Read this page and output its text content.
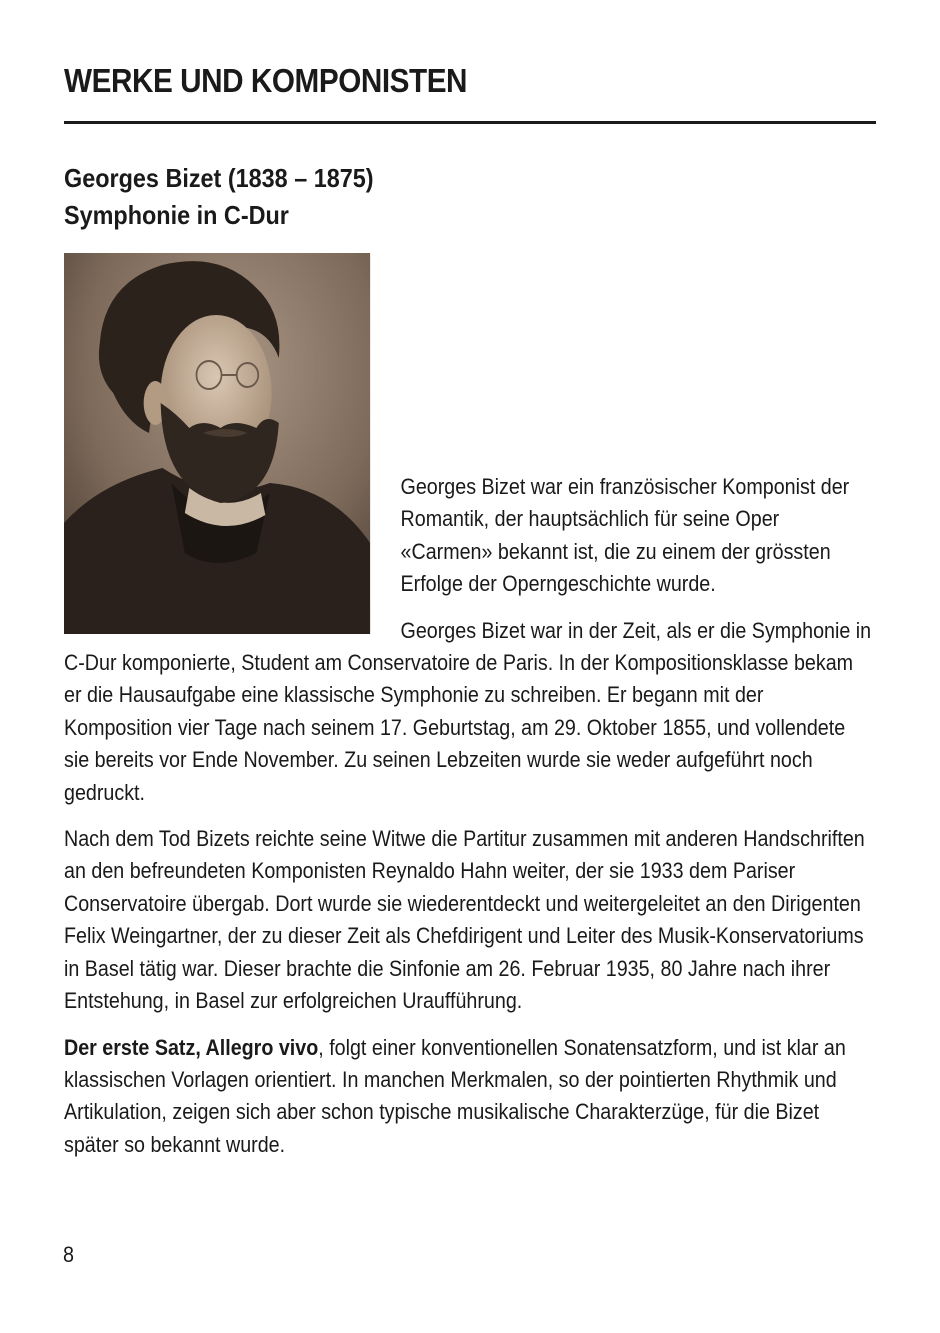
WERKE UND KOMPONISTEN
Georges Bizet (1838 – 1875)
Symphonie in C-Dur

Georges Bizet war ein französischer Komponist der Romantik, der hauptsächlich für seine Oper «Carmen» bekannt ist, die zu einem der grössten Erfolge der Operngeschichte wurde.

Georges Bizet war in der Zeit, als er die Symphonie in C-Dur komponierte, Student am Conservatoire de Paris. In der Kompositionsklasse bekam er die Hausaufgabe eine klassische Symphonie zu schreiben. Er begann mit der Komposition vier Tage nach seinem 17. Geburtstag, am 29. Oktober 1855, und vollendete sie bereits vor Ende November. Zu seinen Lebzeiten wurde sie weder aufgeführt noch gedruckt.

Nach dem Tod Bizets reichte seine Witwe die Partitur zusammen mit anderen Handschriften an den befreundeten Komponisten Reynaldo Hahn weiter, der sie 1933 dem Pariser Conservatoire übergab. Dort wurde sie wiederentdeckt und weitergeleitet an den Dirigenten Felix Weingartner, der zu dieser Zeit als Chefdirigent und Leiter des Musik-Konservatoriums in Basel tätig war. Dieser brachte die Sinfonie am 26. Februar 1935, 80 Jahre nach ihrer Entstehung, in Basel zur erfolgreichen Uraufführung.

Der erste Satz, Allegro vivo, folgt einer konventionellen Sonatensatzform, und ist klar an klassischen Vorlagen orientiert. In manchen Merkmalen, so der pointierten Rhythmik und Artikulation, zeigen sich aber schon typische musikalische Charakterzüge, für die Bizet später so bekannt wurde.

8
